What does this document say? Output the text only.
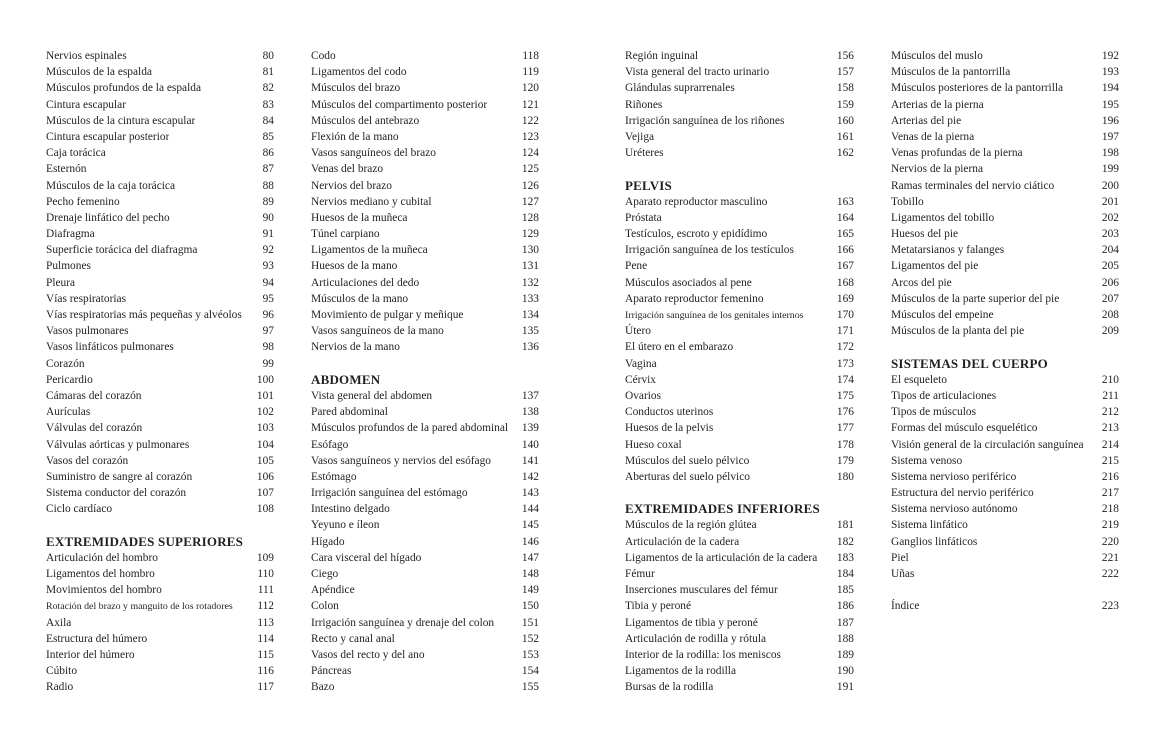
Nervios espinales	80
Músculos de la espalda	81
Músculos profundos de la espalda	82
Cintura escapular	83
Músculos de la cintura escapular	84
Cintura escapular posterior	85
Caja torácica	86
Esternón	87
Músculos de la caja torácica	88
Pecho femenino	89
Drenaje linfático del pecho	90
Diafragma	91
Superficie torácica del diafragma	92
Pulmones	93
Pleura	94
Vías respiratorias	95
Vías respiratorias más pequeñas y alvéolos	96
Vasos pulmonares	97
Vasos linfáticos pulmonares	98
Corazón	99
Pericardio	100
Cámaras del corazón	101
Aurículas	102
Válvulas del corazón	103
Válvulas aórticas y pulmonares	104
Vasos del corazón	105
Suministro de sangre al corazón	106
Sistema conductor del corazón	107
Ciclo cardíaco	108
EXTREMIDADES SUPERIORES
Articulación del hombro	109
Ligamentos del hombro	110
Movimientos del hombro	111
Rotación del brazo y manguito de los rotadores	112
Axila	113
Estructura del húmero	114
Interior del húmero	115
Cúbito	116
Radio	117
Codo	118
Ligamentos del codo	119
Músculos del brazo	120
Músculos del compartimento posterior	121
Músculos del antebrazo	122
Flexión de la mano	123
Vasos sanguíneos del brazo	124
Venas del brazo	125
Nervios del brazo	126
Nervios mediano y cubital	127
Huesos de la muñeca	128
Túnel carpiano	129
Ligamentos de la muñeca	130
Huesos de la mano	131
Articulaciones del dedo	132
Músculos de la mano	133
Movimiento de pulgar y meñique	134
Vasos sanguíneos de la mano	135
Nervios de la mano	136
ABDOMEN
Vista general del abdomen	137
Pared abdominal	138
Músculos profundos de la pared abdominal	139
Esófago	140
Vasos sanguíneos y nervios del esófago	141
Estómago	142
Irrigación sanguínea del estómago	143
Intestino delgado	144
Yeyuno e íleon	145
Hígado	146
Cara visceral del hígado	147
Ciego	148
Apéndice	149
Colon	150
Irrigación sanguínea y drenaje del colon	151
Recto y canal anal	152
Vasos del recto y del ano	153
Páncreas	154
Bazo	155
Región inguinal	156
Vista general del tracto urinario	157
Glándulas suprarrenales	158
Riñones	159
Irrigación sanguínea de los riñones	160
Vejiga	161
Uréteres	162
PELVIS
Aparato reproductor masculino	163
Próstata	164
Testículos, escroto y epidídimo	165
Irrigación sanguínea de los testículos	166
Pene	167
Músculos asociados al pene	168
Aparato reproductor femenino	169
Irrigación sanguínea de los genitales internos	170
Útero	171
El útero en el embarazo	172
Vagina	173
Cérvix	174
Ovarios	175
Conductos uterinos	176
Huesos de la pelvis	177
Hueso coxal	178
Músculos del suelo pélvico	179
Aberturas del suelo pélvico	180
EXTREMIDADES INFERIORES
Músculos de la región glútea	181
Articulación de la cadera	182
Ligamentos de la articulación de la cadera	183
Fémur	184
Inserciones musculares del fémur	185
Tibia y peroné	186
Ligamentos de tibia y peroné	187
Articulación de rodilla y rótula	188
Interior de la rodilla: los meniscos	189
Ligamentos de la rodilla	190
Bursas de la rodilla	191
Músculos del muslo	192
Músculos de la pantorrilla	193
Músculos posteriores de la pantorrilla	194
Arterias de la pierna	195
Arterias del pie	196
Venas de la pierna	197
Venas profundas de la pierna	198
Nervios de la pierna	199
Ramas terminales del nervio ciático	200
Tobillo	201
Ligamentos del tobillo	202
Huesos del pie	203
Metatarsianos y falanges	204
Ligamentos del pie	205
Arcos del pie	206
Músculos de la parte superior del pie	207
Músculos del empeine	208
Músculos de la planta del pie	209
SISTEMAS DEL CUERPO
El esqueleto	210
Tipos de articulaciones	211
Tipos de músculos	212
Formas del músculo esquelético	213
Visión general de la circulación sanguínea	214
Sistema venoso	215
Sistema nervioso periférico	216
Estructura del nervio periférico	217
Sistema nervioso autónomo	218
Sistema linfático	219
Ganglios linfáticos	220
Piel	221
Uñas	222
Índice	223
